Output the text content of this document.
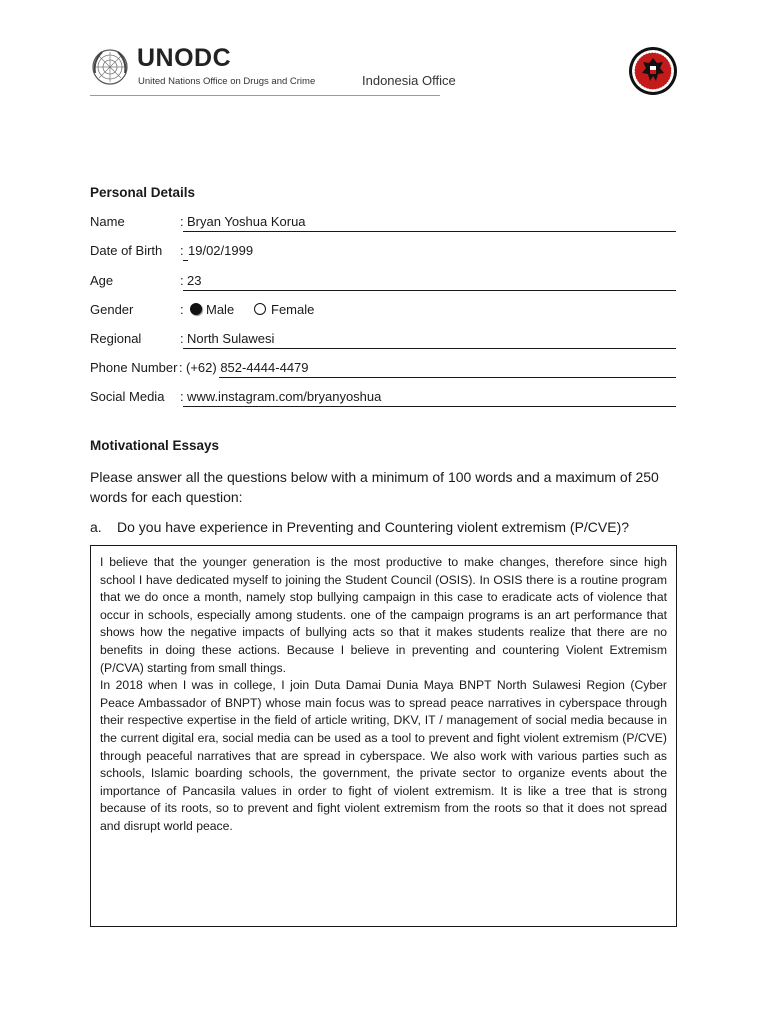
UNODC
United Nations Office on Drugs and Crime	Indonesia Office
Personal Details
Name	: Bryan Yoshua Korua
Date of Birth : 19/02/1999
Age	: 23
Gender	: Male	Female
Regional	: North Sulawesi
Phone Number : (+62) 852-4444-4479
Social Media : www.instagram.com/bryanyoshua
Motivational Essays
Please answer all the questions below with a minimum of 100 words and a maximum of 250 words for each question:
a. Do you have experience in Preventing and Countering violent extremism (P/CVE)?
I believe that the younger generation is the most productive to make changes, therefore since high school I have dedicated myself to joining the Student Council (OSIS). In OSIS there is a routine program that we do once a month, namely stop bullying campaign in this case to eradicate acts of violence that occur in schools, especially among students. one of the campaign programs is an art performance that shows how the negative impacts of bullying acts so that it makes students realize that there are no benefits in doing these actions. Because I believe in preventing and countering Violent Extremism (P/CVA) starting from small things.
In 2018 when I was in college, I join Duta Damai Dunia Maya BNPT North Sulawesi Region (Cyber Peace Ambassador of BNPT) whose main focus was to spread peace narratives in cyberspace through their respective expertise in the field of article writing, DKV, IT / management of social media because in the current digital era, social media can be used as a tool to prevent and fight violent extremism (P/CVE) through peaceful narratives that are spread in cyberspace. We also work with various parties such as schools, Islamic boarding schools, the government, the private sector to organize events about the importance of Pancasila values in order to fight of violent extremism. It is like a tree that is strong because of its roots, so to prevent and fight violent extremism from the roots so that it does not spread and disrupt world peace.
